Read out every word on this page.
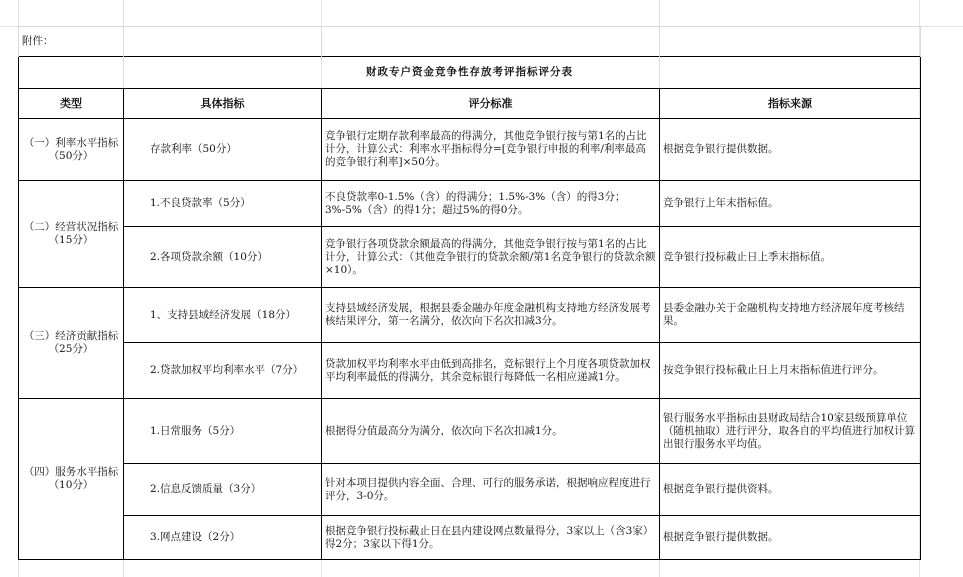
附件：			
财政专户资金竞争性存放考评指标评分表			
类型	具体指标	评分标准	指标来源
（一）利率水平指标（50分）	存款利率（50分）	竞争银行定期存款利率最高的得满分，其他竞争银行按与第1名的占比计分，计算公式：利率水平指标得分=[竞争银行申报的利率/利率最高的竞争银行利率]×50分。	根据竞争银行提供数据。
（二）经营状况指标（15分）	1.不良贷款率（5分）	不良贷款率0-1.5%（含）的得满分；1.5%-3%（含）的得3分；3%-5%（含）的得1分；超过5%的得0分。	竞争银行上年末指标值。
	2.各项贷款余额（10分）	竞争银行各项贷款余额最高的得满分，其他竞争银行按与第1名的占比计分，计算公式：（其他竞争银行的贷款余额/第1名竞争银行的贷款余额×10）。	竞争银行投标截止日上季末指标值。
（三）经济贡献指标（25分）	1、支持县域经济发展（18分）	支持县域经济发展，根据县委金融办年度金融机构支持地方经济发展考核结果评分，第一名满分，依次向下名次扣减3分。	县委金融办关于金融机构支持地方经济展年度考核结果。
	2.贷款加权平均利率水平（7分）	贷款加权平均利率水平由低到高排名，竞标银行上个月度各项贷款加权平均利率最低的得满分，其余竞标银行每降低一名相应递减1分。	按竞争银行投标截止日上月末指标值进行评分。
（四）服务水平指标（10分）	1.日常服务（5分）	根据得分值最高分为满分，依次向下名次扣减1分。	银行服务水平指标由县财政局结合10家县级预算单位（随机抽取）进行评分，取各自的平均值进行加权计算出银行服务水平均值。
	2.信息反馈质量（3分）	针对本项目提供内容全面、合理、可行的服务承诺，根据响应程度进行评分，3-0分。	根据竞争银行提供资料。
	3.网点建设（2分）	根据竞争银行投标截止日在县内建设网点数量得分，3家以上（含3家）得2分；3家以下得1分。	根据竞争银行提供数据。
